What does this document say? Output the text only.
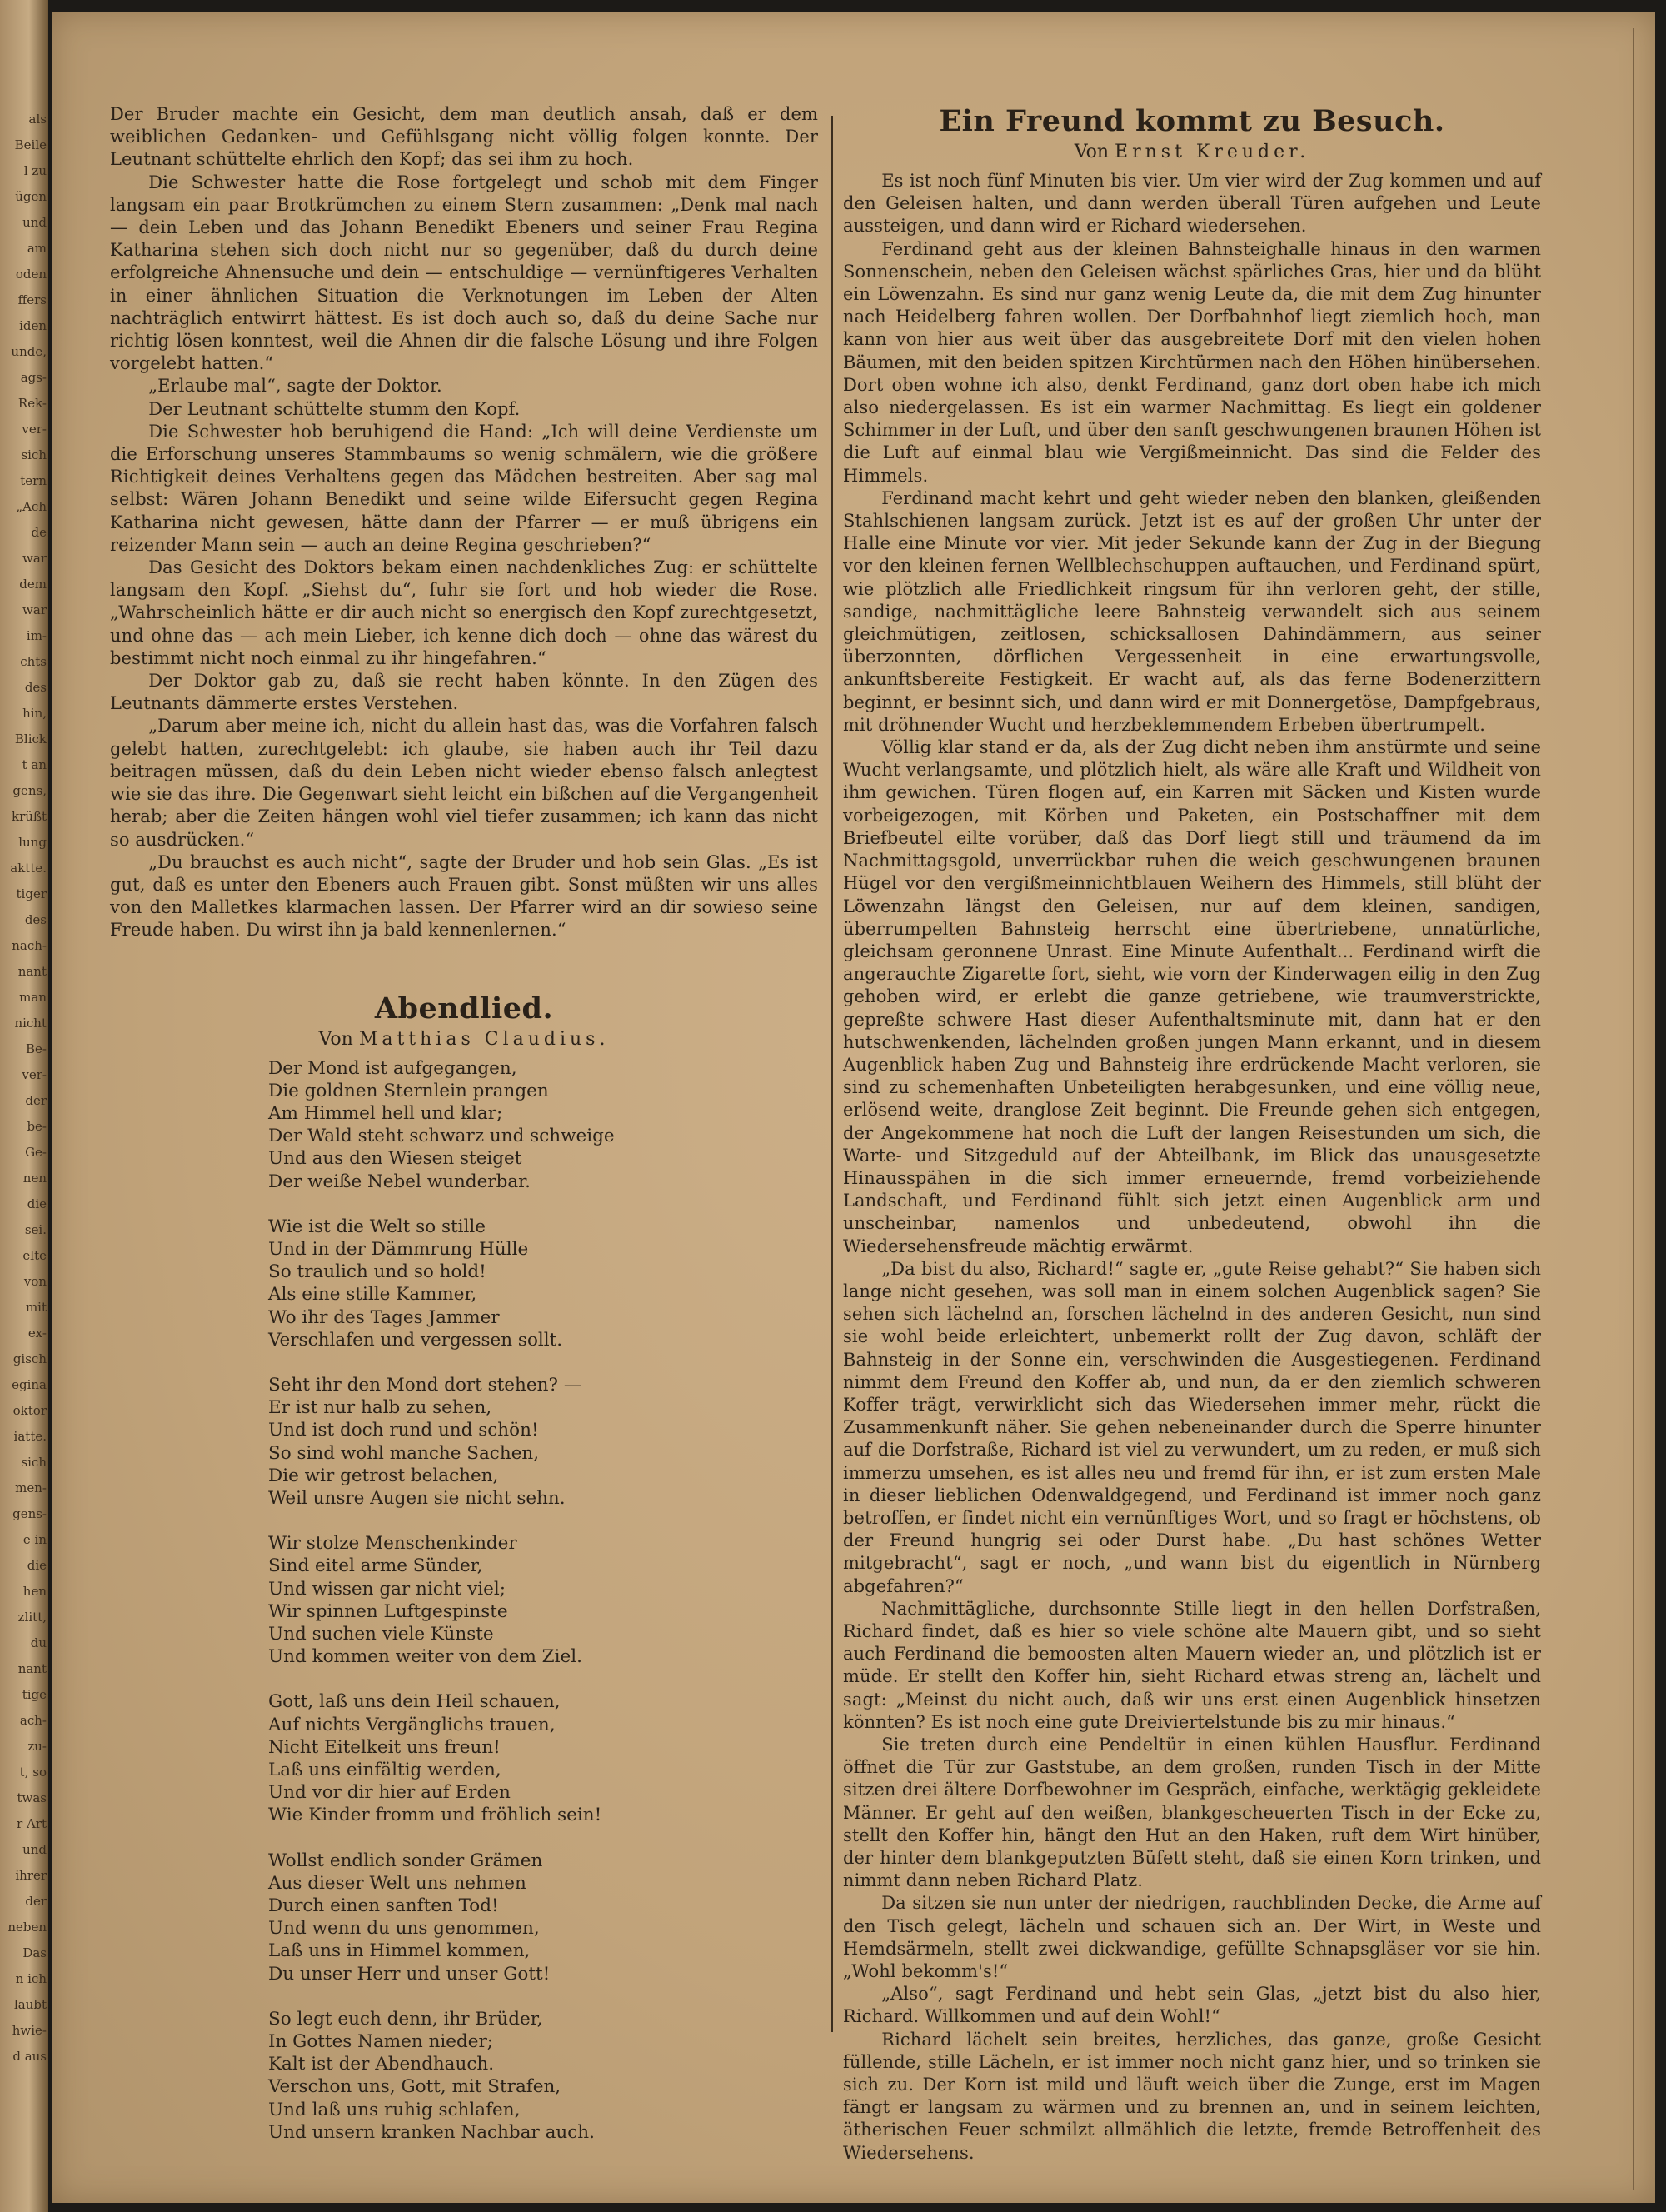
als
Beile
l zu
ügen
und
am
oden
ffers
iden
unde,
ags-
Rek-
ver-
sich
tern
„Ach
de
war
dem
war
im-
chts
des
hin,
Blick
t an
gens,
krüßt
lung
aktte.
tiger
des
nach-
nant
man
nicht
Be-
ver-
der
be-
Ge-
nen
die
sei.
elte
von
mit
ex-
gisch
egina
oktor
iatte.
sich
men-
gens-
e in
die
hen
zlitt,
du
nant
tige
ach-
zu-
t, so
twas
r Art
und
ihrer
der
neben
Das
n ich
laubt
hwie-
d aus

Der Bruder machte ein Gesicht, dem man deutlich ansah, daß er dem weiblichen Gedanken- und Gefühlsgang nicht völlig folgen konnte. Der Leutnant schüttelte ehrlich den Kopf; das sei ihm zu hoch.

Die Schwester hatte die Rose fortgelegt und schob mit dem Finger langsam ein paar Brotkrümchen zu einem Stern zusammen: „Denk mal nach — dein Leben und das Johann Benedikt Ebeners und seiner Frau Regina Katharina stehen sich doch nicht nur so gegenüber, daß du durch deine erfolgreiche Ahnensuche und dein — entschuldige — vernünftigeres Verhalten in einer ähnlichen Situation die Verknotungen im Leben der Alten nachträglich entwirrt hättest. Es ist doch auch so, daß du deine Sache nur richtig lösen konntest, weil die Ahnen dir die falsche Lösung und ihre Folgen vorgelebt hatten.“

„Erlaube mal“, sagte der Doktor.

Der Leutnant schüttelte stumm den Kopf.

Die Schwester hob beruhigend die Hand: „Ich will deine Verdienste um die Erforschung unseres Stammbaums so wenig schmälern, wie die größere Richtigkeit deines Verhaltens gegen das Mädchen bestreiten. Aber sag mal selbst: Wären Johann Benedikt und seine wilde Eifersucht gegen Regina Katharina nicht gewesen, hätte dann der Pfarrer — er muß übrigens ein reizender Mann sein — auch an deine Regina geschrieben?“

Das Gesicht des Doktors bekam einen nachdenkliches Zug: er schüttelte langsam den Kopf. „Siehst du“, fuhr sie fort und hob wieder die Rose. „Wahrscheinlich hätte er dir auch nicht so energisch den Kopf zurechtgesetzt, und ohne das — ach mein Lieber, ich kenne dich doch — ohne das wärest du bestimmt nicht noch einmal zu ihr hingefahren.“

Der Doktor gab zu, daß sie recht haben könnte. In den Zügen des Leutnants dämmerte erstes Verstehen.

„Darum aber meine ich, nicht du allein hast das, was die Vorfahren falsch gelebt hatten, zurechtgelebt: ich glaube, sie haben auch ihr Teil dazu beitragen müssen, daß du dein Leben nicht wieder ebenso falsch anlegtest wie sie das ihre. Die Gegenwart sieht leicht ein bißchen auf die Vergangenheit herab; aber die Zeiten hängen wohl viel tiefer zusammen; ich kann das nicht so ausdrücken.“

„Du brauchst es auch nicht“, sagte der Bruder und hob sein Glas. „Es ist gut, daß es unter den Ebeners auch Frauen gibt. Sonst müßten wir uns alles von den Malletkes klarmachen lassen. Der Pfarrer wird an dir sowieso seine Freude haben. Du wirst ihn ja bald kennenlernen.“

Abendlied.
Von Matthias Claudius.
Der Mond ist aufgegangen,
Die goldnen Sternlein prangen
Am Himmel hell und klar;
Der Wald steht schwarz und schweige
Und aus den Wiesen steiget
Der weiße Nebel wunderbar.
Wie ist die Welt so stille
Und in der Dämmrung Hülle
So traulich und so hold!
Als eine stille Kammer,
Wo ihr des Tages Jammer
Verschlafen und vergessen sollt.
Seht ihr den Mond dort stehen? —
Er ist nur halb zu sehen,
Und ist doch rund und schön!
So sind wohl manche Sachen,
Die wir getrost belachen,
Weil unsre Augen sie nicht sehn.
Wir stolze Menschenkinder
Sind eitel arme Sünder,
Und wissen gar nicht viel;
Wir spinnen Luftgespinste
Und suchen viele Künste
Und kommen weiter von dem Ziel.
Gott, laß uns dein Heil schauen,
Auf nichts Vergänglichs trauen,
Nicht Eitelkeit uns freun!
Laß uns einfältig werden,
Und vor dir hier auf Erden
Wie Kinder fromm und fröhlich sein!
Wollst endlich sonder Grämen
Aus dieser Welt uns nehmen
Durch einen sanften Tod!
Und wenn du uns genommen,
Laß uns in Himmel kommen,
Du unser Herr und unser Gott!
So legt euch denn, ihr Brüder,
In Gottes Namen nieder;
Kalt ist der Abendhauch.
Verschon uns, Gott, mit Strafen,
Und laß uns ruhig schlafen,
Und unsern kranken Nachbar auch.
Ein Freund kommt zu Besuch.
Von Ernst Kreuder.

Es ist noch fünf Minuten bis vier. Um vier wird der Zug kommen und auf den Geleisen halten, und dann werden überall Türen aufgehen und Leute aussteigen, und dann wird er Richard wiedersehen.

Ferdinand geht aus der kleinen Bahnsteighalle hinaus in den warmen Sonnenschein, neben den Geleisen wächst spärliches Gras, hier und da blüht ein Löwenzahn. Es sind nur ganz wenig Leute da, die mit dem Zug hinunter nach Heidelberg fahren wollen. Der Dorfbahnhof liegt ziemlich hoch, man kann von hier aus weit über das ausgebreitete Dorf mit den vielen hohen Bäumen, mit den beiden spitzen Kirchtürmen nach den Höhen hinübersehen. Dort oben wohne ich also, denkt Ferdinand, ganz dort oben habe ich mich also niedergelassen. Es ist ein warmer Nachmittag. Es liegt ein goldener Schimmer in der Luft, und über den sanft geschwungenen braunen Höhen ist die Luft auf einmal blau wie Vergißmeinnicht. Das sind die Felder des Himmels.

Ferdinand macht kehrt und geht wieder neben den blanken, gleißenden Stahlschienen langsam zurück. Jetzt ist es auf der großen Uhr unter der Halle eine Minute vor vier. Mit jeder Sekunde kann der Zug in der Biegung vor den kleinen fernen Wellblechschuppen auftauchen, und Ferdinand spürt, wie plötzlich alle Friedlichkeit ringsum für ihn verloren geht, der stille, sandige, nachmittägliche leere Bahnsteig verwandelt sich aus seinem gleichmütigen, zeitlosen, schicksallosen Dahindämmern, aus seiner überzonnten, dörflichen Vergessenheit in eine erwartungsvolle, ankunftsbereite Festigkeit. Er wacht auf, als das ferne Bodenerzittern beginnt, er besinnt sich, und dann wird er mit Donnergetöse, Dampfgebraus, mit dröhnender Wucht und herzbeklemmendem Erbeben übertrumpelt.

Völlig klar stand er da, als der Zug dicht neben ihm anstürmte und seine Wucht verlangsamte, und plötzlich hielt, als wäre alle Kraft und Wildheit von ihm gewichen. Türen flogen auf, ein Karren mit Säcken und Kisten wurde vorbeigezogen, mit Körben und Paketen, ein Postschaffner mit dem Briefbeutel eilte vorüber, daß das Dorf liegt still und träumend da im Nachmittagsgold, unverrückbar ruhen die weich geschwungenen braunen Hügel vor den vergißmeinnichtblauen Weihern des Himmels, still blüht der Löwenzahn längst den Geleisen, nur auf dem kleinen, sandigen, überrumpelten Bahnsteig herrscht eine übertriebene, unnatürliche, gleichsam geronnene Unrast. Eine Minute Aufenthalt... Ferdinand wirft die angerauchte Zigarette fort, sieht, wie vorn der Kinderwagen eilig in den Zug gehoben wird, er erlebt die ganze getriebene, wie traumverstrickte, gepreßte schwere Hast dieser Aufenthaltsminute mit, dann hat er den hutschwenkenden, lächelnden großen jungen Mann erkannt, und in diesem Augenblick haben Zug und Bahnsteig ihre erdrückende Macht verloren, sie sind zu schemenhaften Unbeteiligten herabgesunken, und eine völlig neue, erlösend weite, dranglose Zeit beginnt. Die Freunde gehen sich entgegen, der Angekommene hat noch die Luft der langen Reisestunden um sich, die Warte- und Sitzgeduld auf der Abteilbank, im Blick das unausgesetzte Hinausspähen in die sich immer erneuernde, fremd vorbeiziehende Landschaft, und Ferdinand fühlt sich jetzt einen Augenblick arm und unscheinbar, namenlos und unbedeutend, obwohl ihn die Wiedersehensfreude mächtig erwärmt.

„Da bist du also, Richard!“ sagte er, „gute Reise gehabt?“ Sie haben sich lange nicht gesehen, was soll man in einem solchen Augenblick sagen? Sie sehen sich lächelnd an, forschen lächelnd in des anderen Gesicht, nun sind sie wohl beide erleichtert, unbemerkt rollt der Zug davon, schläft der Bahnsteig in der Sonne ein, verschwinden die Ausgestiegenen. Ferdinand nimmt dem Freund den Koffer ab, und nun, da er den ziemlich schweren Koffer trägt, verwirklicht sich das Wiedersehen immer mehr, rückt die Zusammenkunft näher. Sie gehen nebeneinander durch die Sperre hinunter auf die Dorfstraße, Richard ist viel zu verwundert, um zu reden, er muß sich immerzu umsehen, es ist alles neu und fremd für ihn, er ist zum ersten Male in dieser lieblichen Odenwaldgegend, und Ferdinand ist immer noch ganz betroffen, er findet nicht ein vernünftiges Wort, und so fragt er höchstens, ob der Freund hungrig sei oder Durst habe. „Du hast schönes Wetter mitgebracht“, sagt er noch, „und wann bist du eigentlich in Nürnberg abgefahren?“

Nachmittägliche, durchsonnte Stille liegt in den hellen Dorfstraßen, Richard findet, daß es hier so viele schöne alte Mauern gibt, und so sieht auch Ferdinand die bemoosten alten Mauern wieder an, und plötzlich ist er müde. Er stellt den Koffer hin, sieht Richard etwas streng an, lächelt und sagt: „Meinst du nicht auch, daß wir uns erst einen Augenblick hinsetzen könnten? Es ist noch eine gute Dreiviertelstunde bis zu mir hinaus.“

Sie treten durch eine Pendeltür in einen kühlen Hausflur. Ferdinand öffnet die Tür zur Gaststube, an dem großen, runden Tisch in der Mitte sitzen drei ältere Dorfbewohner im Gespräch, einfache, werktägig gekleidete Männer. Er geht auf den weißen, blankgescheuerten Tisch in der Ecke zu, stellt den Koffer hin, hängt den Hut an den Haken, ruft dem Wirt hinüber, der hinter dem blankgeputzten Büfett steht, daß sie einen Korn trinken, und nimmt dann neben Richard Platz.

Da sitzen sie nun unter der niedrigen, rauchblinden Decke, die Arme auf den Tisch gelegt, lächeln und schauen sich an. Der Wirt, in Weste und Hemdsärmeln, stellt zwei dickwandige, gefüllte Schnapsgläser vor sie hin. „Wohl bekomm's!“

„Also“, sagt Ferdinand und hebt sein Glas, „jetzt bist du also hier, Richard. Willkommen und auf dein Wohl!“

Richard lächelt sein breites, herzliches, das ganze, große Gesicht füllende, stille Lächeln, er ist immer noch nicht ganz hier, und so trinken sie sich zu. Der Korn ist mild und läuft weich über die Zunge, erst im Magen fängt er langsam zu wärmen und zu brennen an, und in seinem leichten, ätherischen Feuer schmilzt allmählich die letzte, fremde Betroffenheit des Wiedersehens.
